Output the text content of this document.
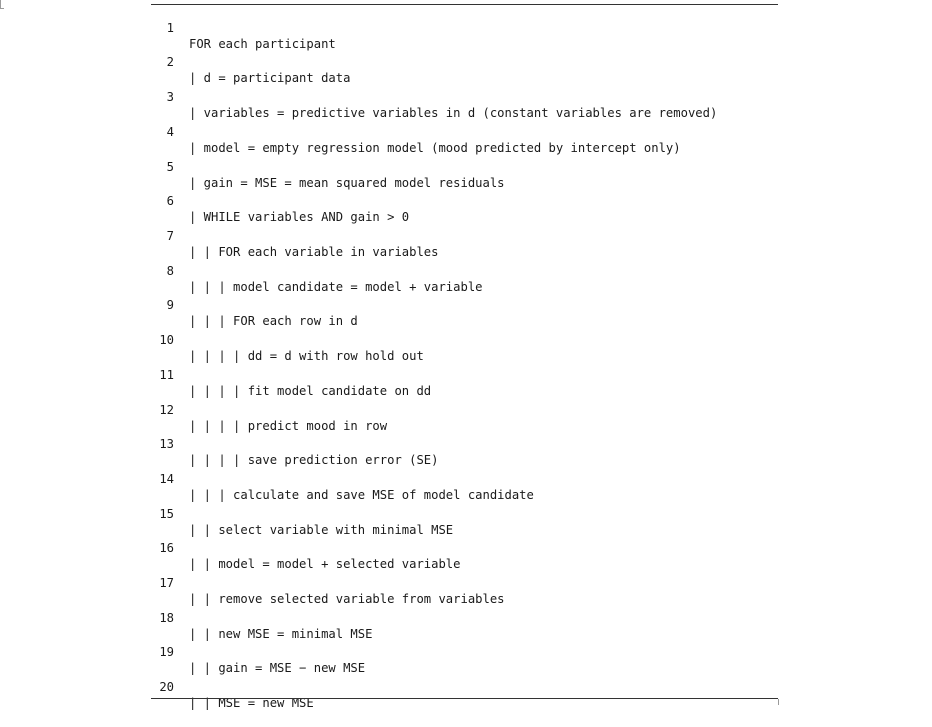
1

FOR each participant

2

| d = participant data

3

| variables = predictive variables in d (constant variables are removed)

4

| model = empty regression model (mood predicted by intercept only)

5

| gain = MSE = mean squared model residuals

6

| WHILE variables AND gain > 0

7

| | FOR each variable in variables

8

| | | model candidate = model + variable

9

| | | FOR each row in d

10

| | | | dd = d with row hold out

11

| | | | fit model candidate on dd

12

| | | | predict mood in row

13

| | | | save prediction error (SE)

14

| | | calculate and save MSE of model candidate

15

| | select variable with minimal MSE

16

| | model = model + selected variable

17

| | remove selected variable from variables

18

| | new MSE = minimal MSE

19

| | gain = MSE − new MSE

20

| | MSE = new MSE
